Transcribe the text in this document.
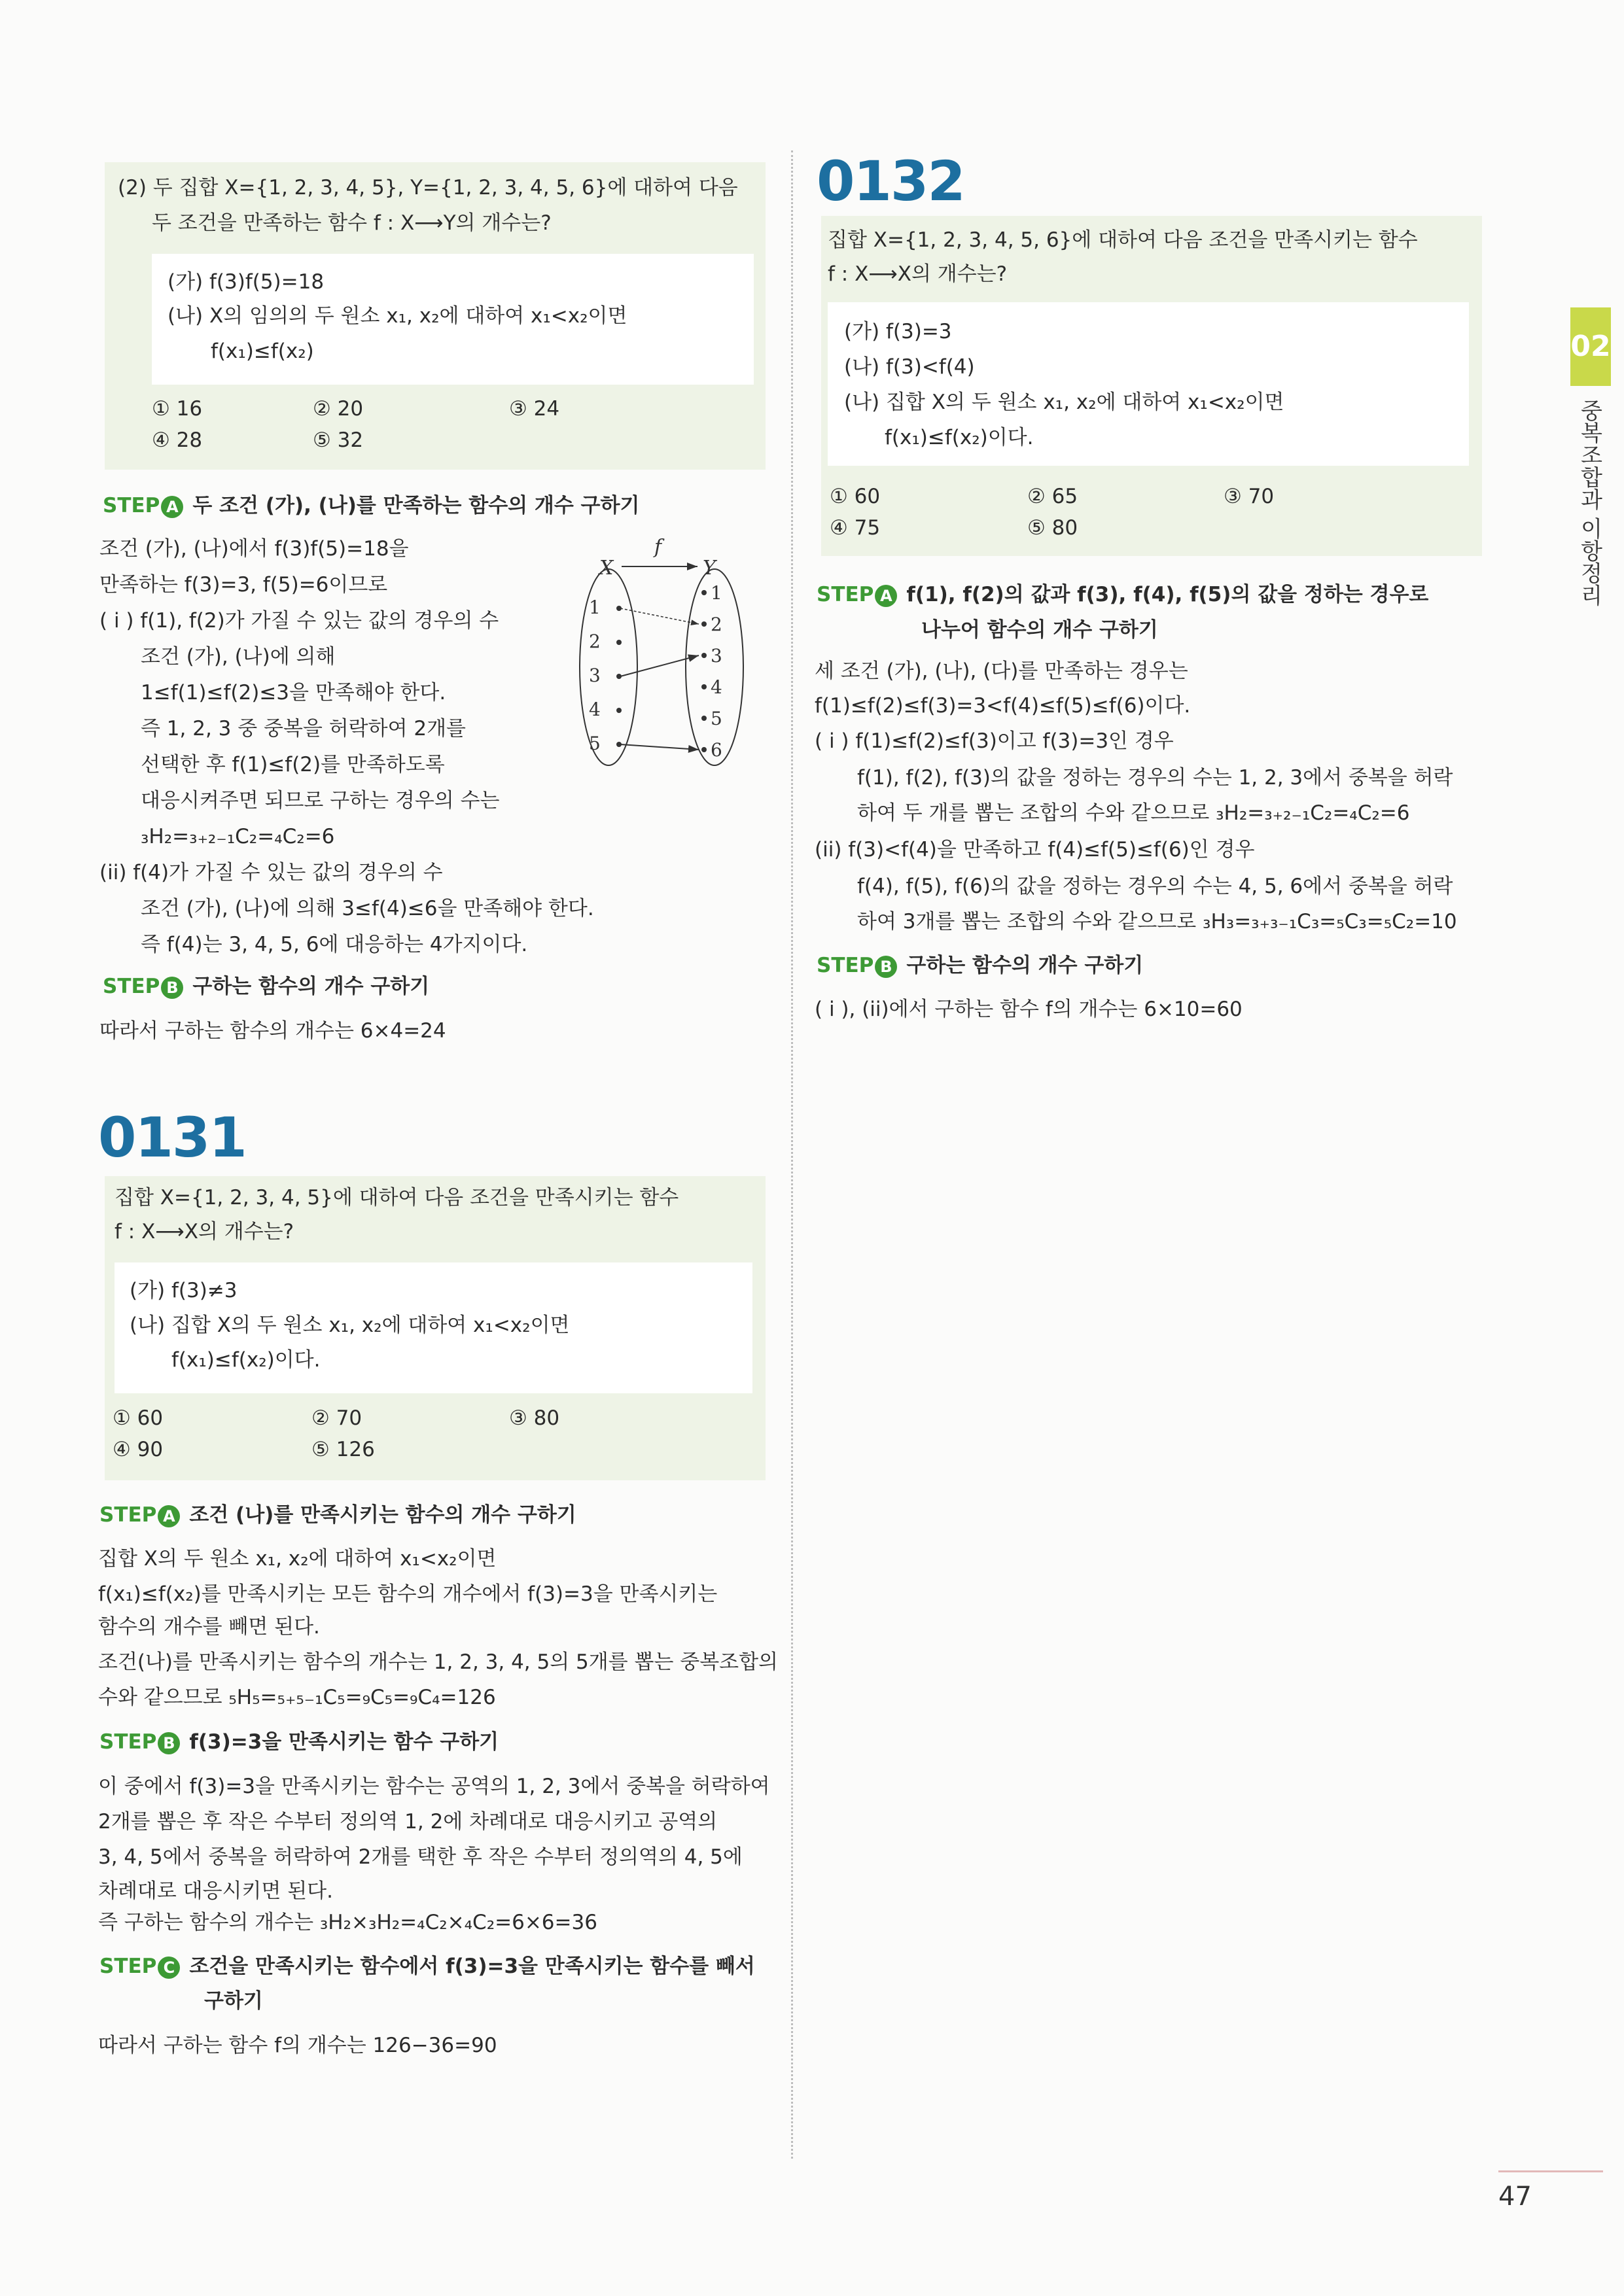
(2) 두 집합 X={1, 2, 3, 4, 5}, Y={1, 2, 3, 4, 5, 6}에 대하여 다음
두 조건을 만족하는 함수 f : X⟶Y의 개수는?
(가) f(3)f(5)=18
(나) X의 임의의 두 원소 x₁, x₂에 대하여 x₁<x₂이면
f(x₁)≤f(x₂)
① 16	② 20	③ 24
④ 28	⑤ 32
STEP A 두 조건 (가), (나)를 만족하는 함수의 개수 구하기
조건 (가), (나)에서 f(3)f(5)=18을
만족하는 f(3)=3, f(5)=6이므로
( i ) f(1), f(2)가 가질 수 있는 값의 경우의 수
조건 (가), (나)에 의해
1≤f(1)≤f(2)≤3을 만족해야 한다.
즉 1, 2, 3 중 중복을 허락하여 2개를
선택한 후 f(1)≤f(2)를 만족하도록
대응시켜주면 되므로 구하는 경우의 수는
₃H₂=₃₊₂₋₁C₂=₄C₂=6
(ii) f(4)가 가질 수 있는 값의 경우의 수
조건 (가), (나)에 의해 3≤f(4)≤6을 만족해야 한다.
즉 f(4)는 3, 4, 5, 6에 대응하는 4가지이다.
X	Y
f
1
2
3
4
5
1
2
3
4
5
6
STEP B 구하는 함수의 개수 구하기
따라서 구하는 함수의 개수는 6×4=24
0131
집합 X={1, 2, 3, 4, 5}에 대하여 다음 조건을 만족시키는 함수
f : X⟶X의 개수는?
(가) f(3)≠3
(나) 집합 X의 두 원소 x₁, x₂에 대하여 x₁<x₂이면
f(x₁)≤f(x₂)이다.
① 60	② 70	③ 80
④ 90	⑤ 126
STEP A 조건 (나)를 만족시키는 함수의 개수 구하기
집합 X의 두 원소 x₁, x₂에 대하여 x₁<x₂이면
f(x₁)≤f(x₂)를 만족시키는 모든 함수의 개수에서 f(3)=3을 만족시키는
함수의 개수를 빼면 된다.
조건(나)를 만족시키는 함수의 개수는 1, 2, 3, 4, 5의 5개를 뽑는 중복조합의
수와 같으므로 ₅H₅=₅₊₅₋₁C₅=₉C₅=₉C₄=126
STEP B f(3)=3을 만족시키는 함수 구하기
이 중에서 f(3)=3을 만족시키는 함수는 공역의 1, 2, 3에서 중복을 허락하여
2개를 뽑은 후 작은 수부터 정의역 1, 2에 차례대로 대응시키고 공역의
3, 4, 5에서 중복을 허락하여 2개를 택한 후 작은 수부터 정의역의 4, 5에
차례대로 대응시키면 된다.
즉 구하는 함수의 개수는 ₃H₂×₃H₂=₄C₂×₄C₂=6×6=36
STEP C 조건을 만족시키는 함수에서 f(3)=3을 만족시키는 함수를 빼서
구하기
따라서 구하는 함수 f의 개수는 126−36=90
0132
집합 X={1, 2, 3, 4, 5, 6}에 대하여 다음 조건을 만족시키는 함수
f : X⟶X의 개수는?
(가) f(3)=3
(나) f(3)<f(4)
(나) 집합 X의 두 원소 x₁, x₂에 대하여 x₁<x₂이면
f(x₁)≤f(x₂)이다.
① 60	② 65	③ 70
④ 75	⑤ 80
STEP A f(1), f(2)의 값과 f(3), f(4), f(5)의 값을 정하는 경우로
나누어 함수의 개수 구하기
세 조건 (가), (나), (다)를 만족하는 경우는
f(1)≤f(2)≤f(3)=3<f(4)≤f(5)≤f(6)이다.
( i ) f(1)≤f(2)≤f(3)이고 f(3)=3인 경우
f(1), f(2), f(3)의 값을 정하는 경우의 수는 1, 2, 3에서 중복을 허락
하여 두 개를 뽑는 조합의 수와 같으므로 ₃H₂=₃₊₂₋₁C₂=₄C₂=6
(ii) f(3)<f(4)을 만족하고 f(4)≤f(5)≤f(6)인 경우
f(4), f(5), f(6)의 값을 정하는 경우의 수는 4, 5, 6에서 중복을 허락
하여 3개를 뽑는 조합의 수와 같으므로 ₃H₃=₃₊₃₋₁C₃=₅C₃=₅C₂=10
STEP B 구하는 함수의 개수 구하기
( i ), (ii)에서 구하는 함수 f의 개수는 6×10=60
02
중복조합과 이항정리
47
